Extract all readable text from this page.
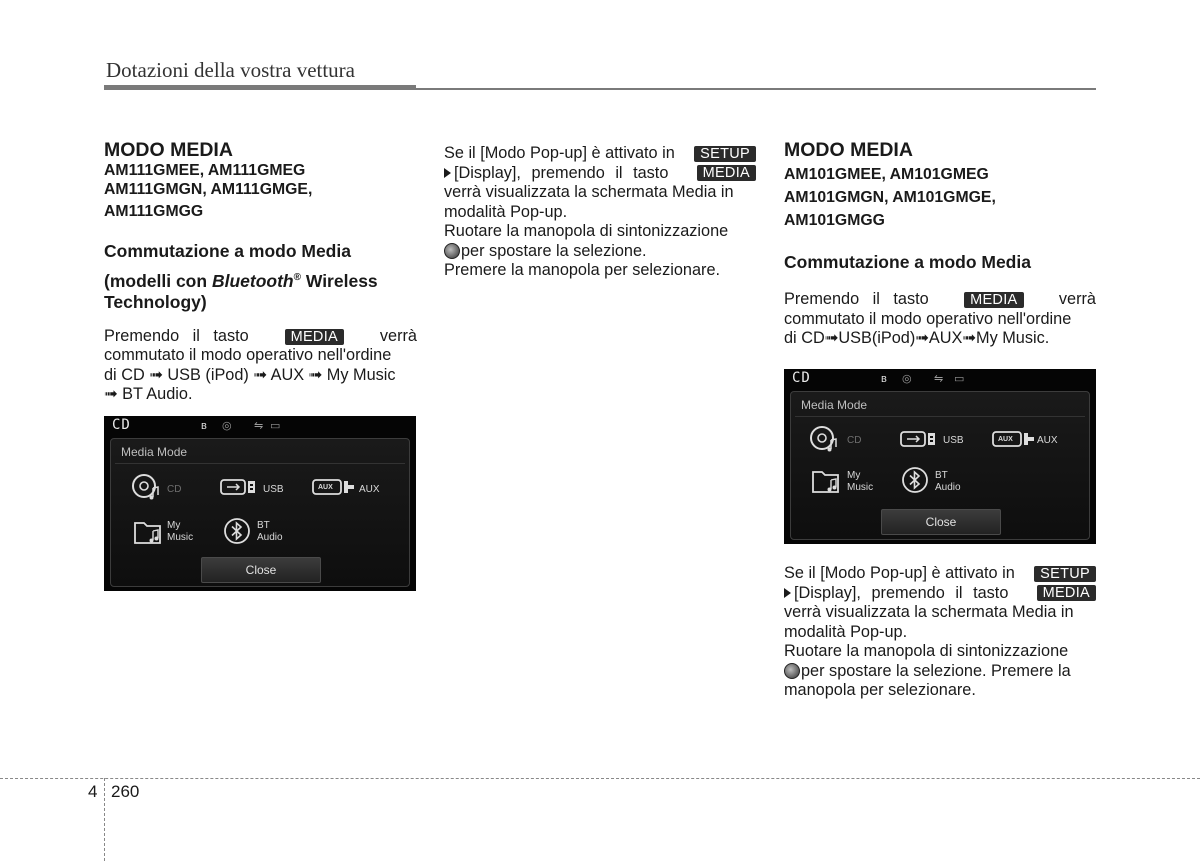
Dotazioni della vostra vettura
MODO MEDIA
AM111GMEE, AM111GMEG
AM111GMGN, AM111GMGE,
AM111GMGG
Commutazione a modo Media
(modelli con Bluetooth® Wireless
Technology)
Premendo il tasto	MEDIA	verrà
commutato il modo operativo nell'ordine
di CD ➟ USB (iPod) ➟ AUX ➟ My Music
➟ BT Audio.
CD	ʙ ◎ ⇋ ▭
Media Mode
CD	USB	AUX	AUX
My
Music
BT
Audio
Close
Se il [Modo Pop-up] è attivato in	SETUP
[Display], premendo il tasto	MEDIA
verrà visualizzata la schermata Media in
modalità Pop-up.
Ruotare la manopola di sintonizzazione
per spostare la selezione.
Premere la manopola per selezionare.
MODO MEDIA
AM101GMEE, AM101GMEG
AM101GMGN, AM101GMGE,
AM101GMGG
Commutazione a modo Media
Premendo il tasto	MEDIA	verrà
commutato il modo operativo nell'ordine
di CD➟USB(iPod)➟AUX➟My Music.
CD	ʙ ◎ ⇋ ▭
Media Mode
CD	USB	AUX AUX
My
Music
BT
Audio
Close
Se il [Modo Pop-up] è attivato in	SETUP
[Display], premendo il tasto	MEDIA
verrà visualizzata la schermata Media in
modalità Pop-up.
Ruotare la manopola di sintonizzazione
per spostare la selezione. Premere la
manopola per selezionare.
4 260
